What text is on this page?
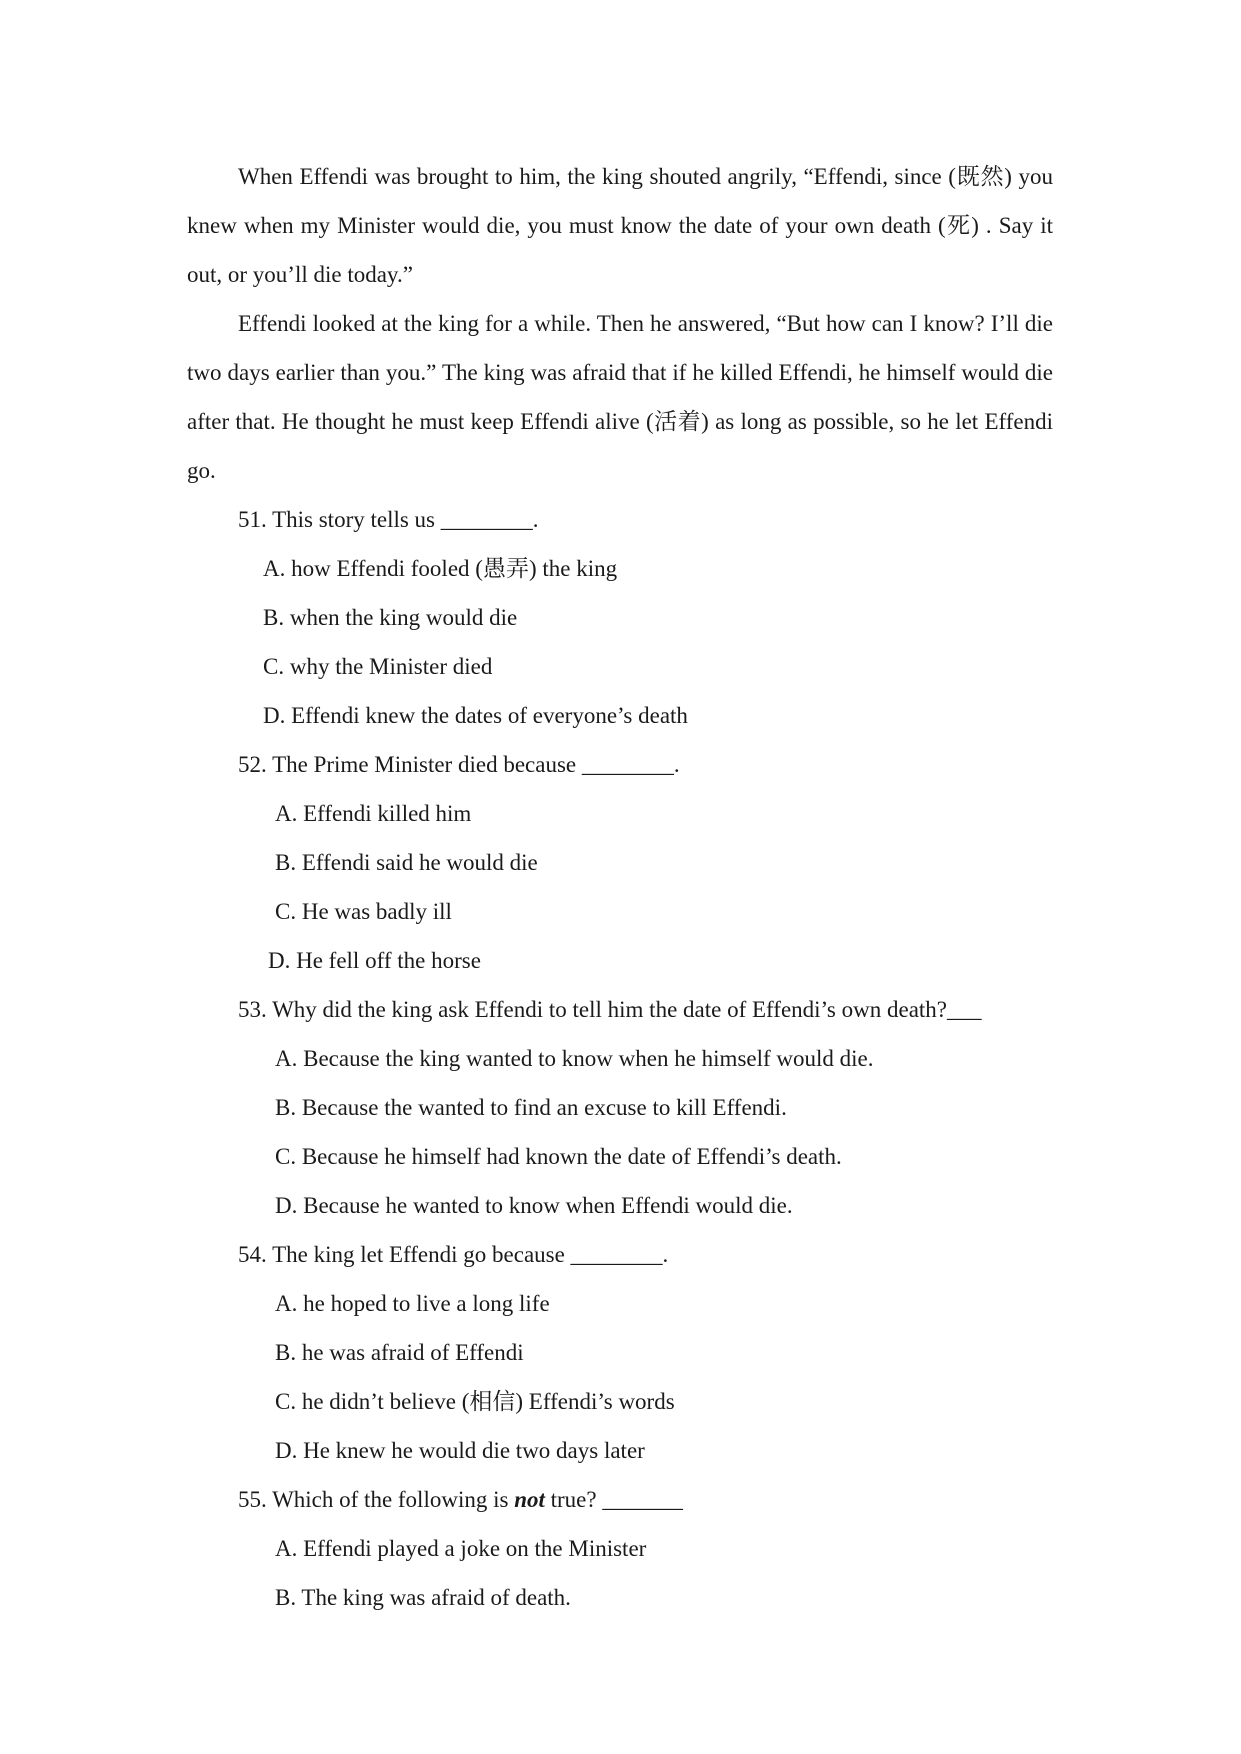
When Effendi was brought to him, the king shouted angrily, “Effendi, since (既然) you knew when my Minister would die, you must know the date of your own death (死) . Say it out, or you’ll die today.”

Effendi looked at the king for a while. Then he answered, “But how can I know? I’ll die two days earlier than you.” The king was afraid that if he killed Effendi, he himself would die after that. He thought he must keep Effendi alive (活着) as long as possible, so he let Effendi go.

51. This story tells us ________.

A. how Effendi fooled (愚弄) the king

B. when the king would die

C. why the Minister died

D. Effendi knew the dates of everyone’s death

52. The Prime Minister died because ________.

A. Effendi killed him

B. Effendi said he would die

C. He was badly ill

D. He fell off the horse

53. Why did the king ask Effendi to tell him the date of Effendi’s own death?___

A. Because the king wanted to know when he himself would die.

B. Because the wanted to find an excuse to kill Effendi.

C. Because he himself had known the date of Effendi’s death.

D. Because he wanted to know when Effendi would die.

54. The king let Effendi go because ________.

A. he hoped to live a long life

B. he was afraid of Effendi

C. he didn’t believe (相信) Effendi’s words

D. He knew he would die two days later

55. Which of the following is not true? _______

A. Effendi played a joke on the Minister

B. The king was afraid of death.
